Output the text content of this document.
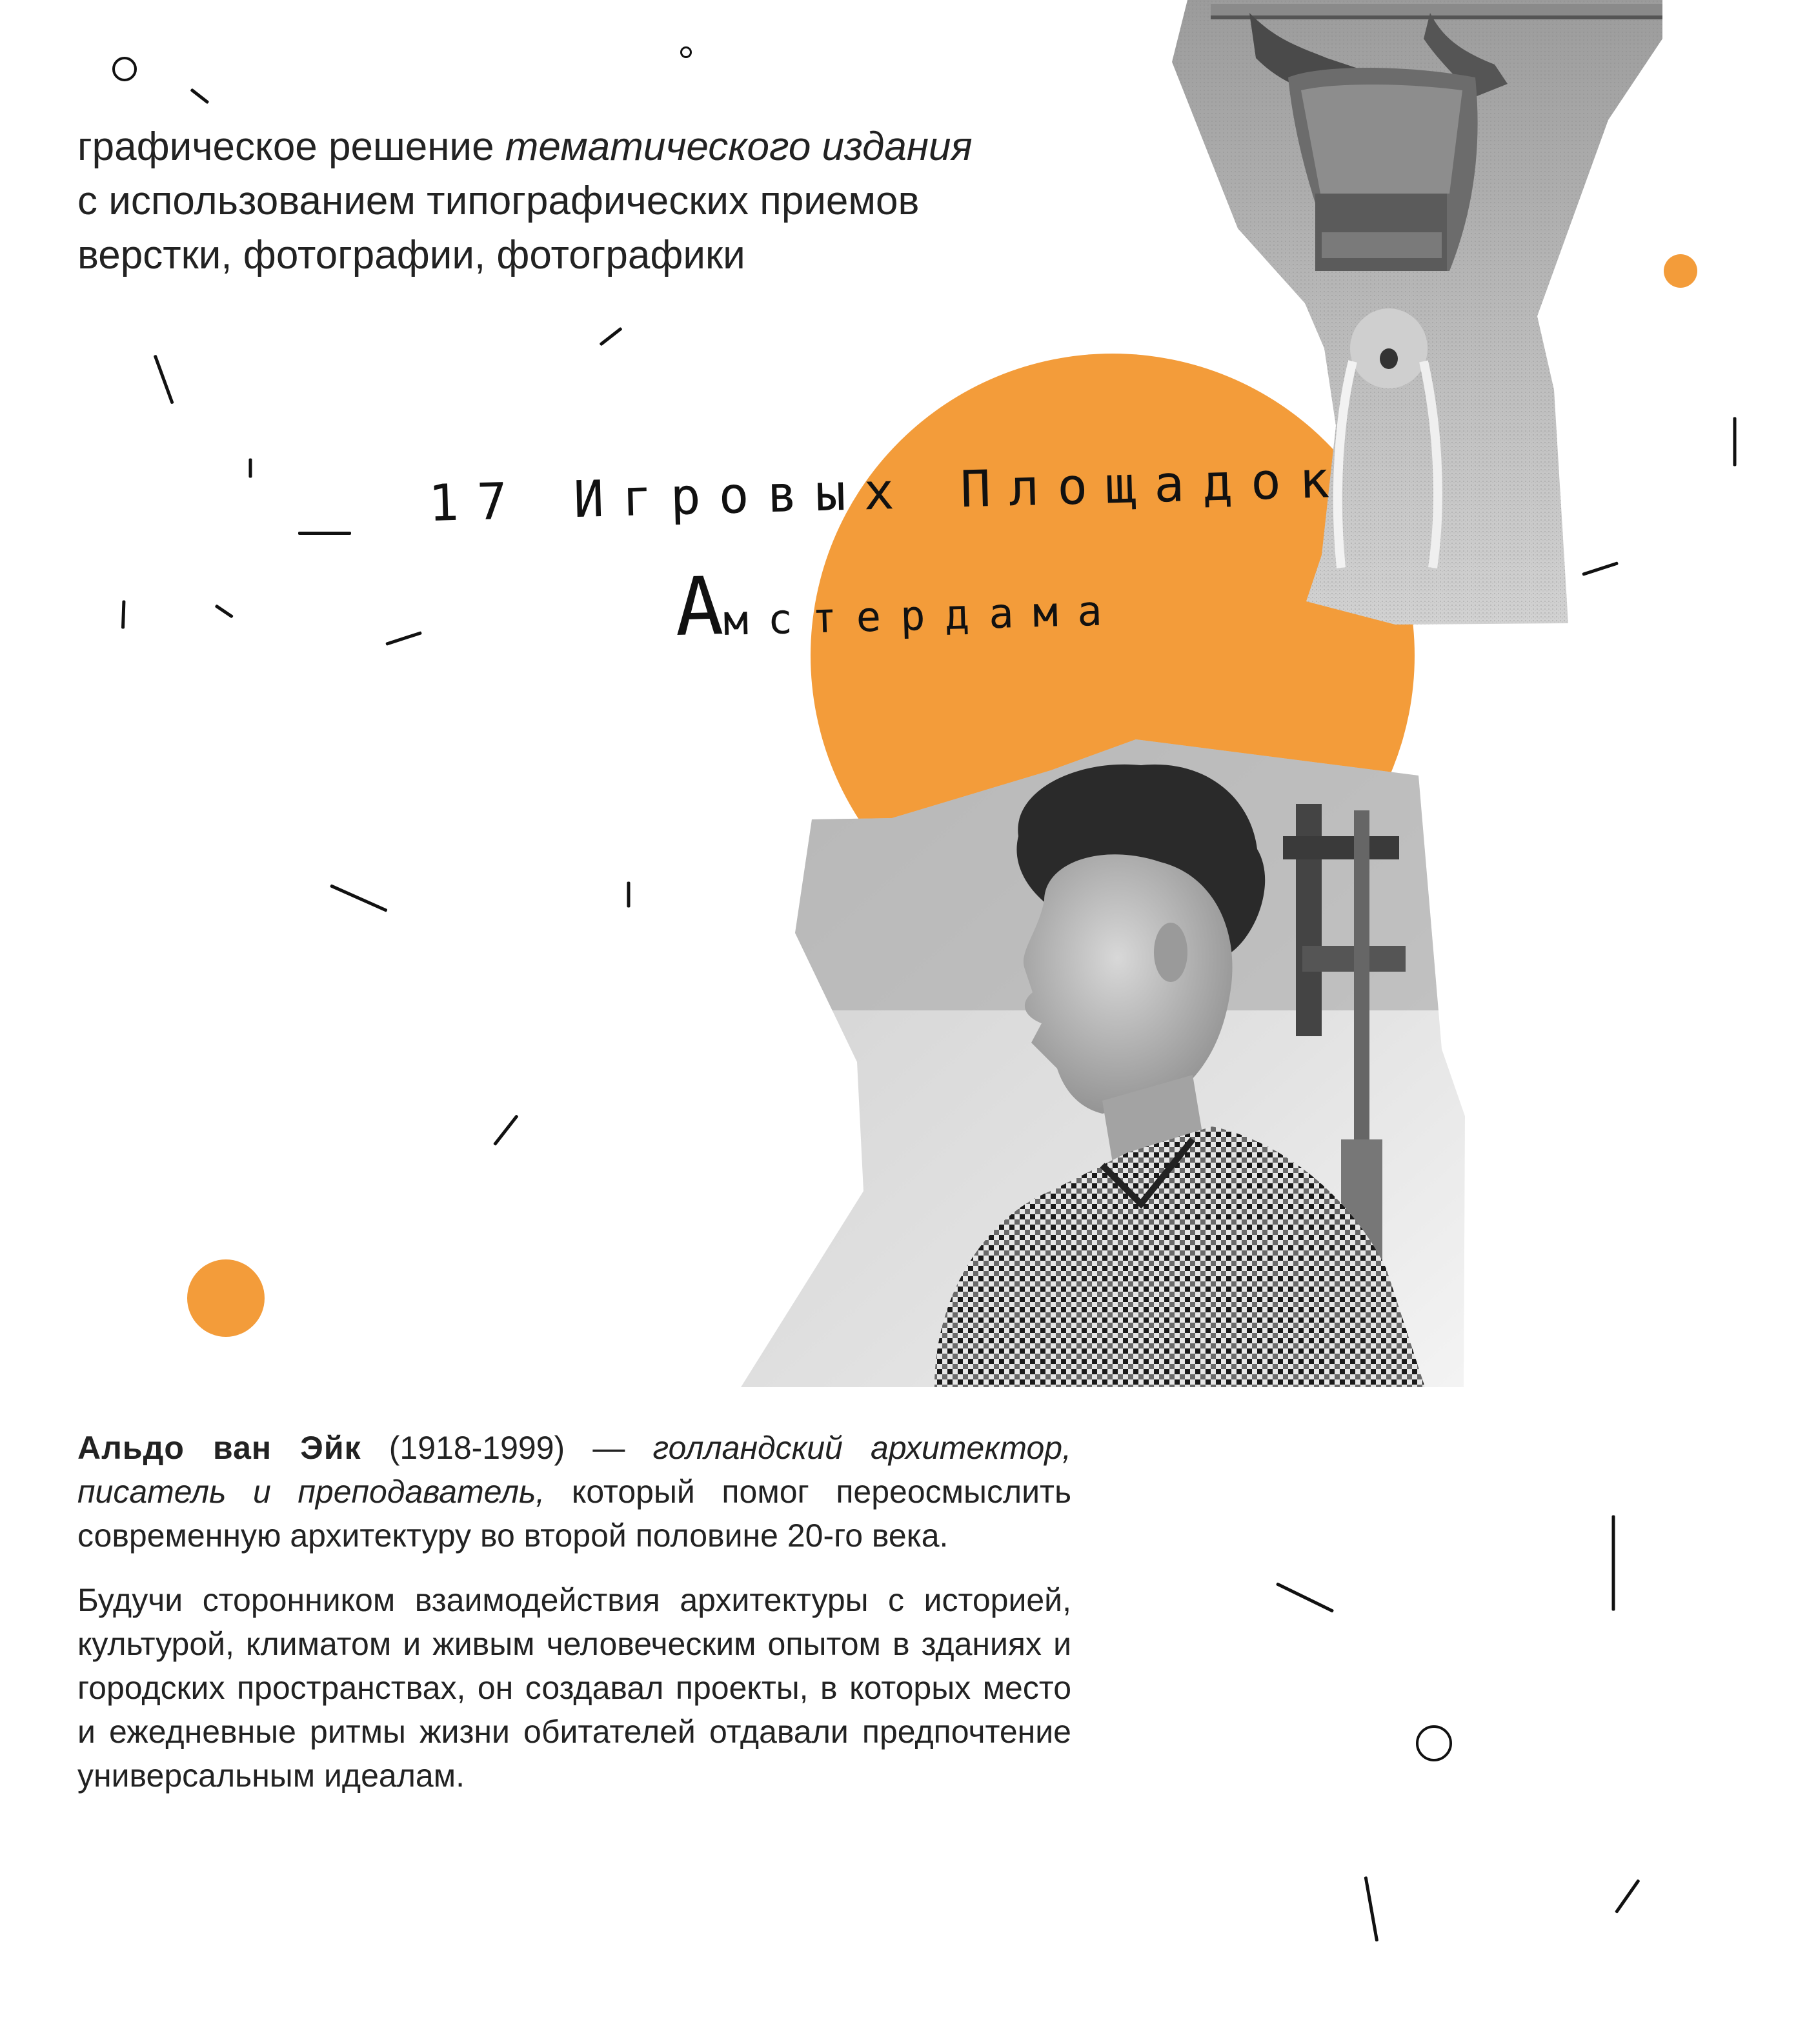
графическое решение тематического издания
с использованием типографических приемов
верстки, фотографии, фотографики
17 Игровых Площадок
Амстердама

Альдо ван Эйк (1918-1999) — голландский архитектор, писатель и преподаватель, который помог переосмыслить современную архитектуру во второй половине 20-го века.

Будучи сторонником взаимодействия архитектуры с историей, культурой, климатом и живым человеческим опытом в зданиях и городских пространствах, он создавал проекты, в которых место и ежедневные ритмы жизни обитателей отдавали предпочтение универсальным идеалам.
